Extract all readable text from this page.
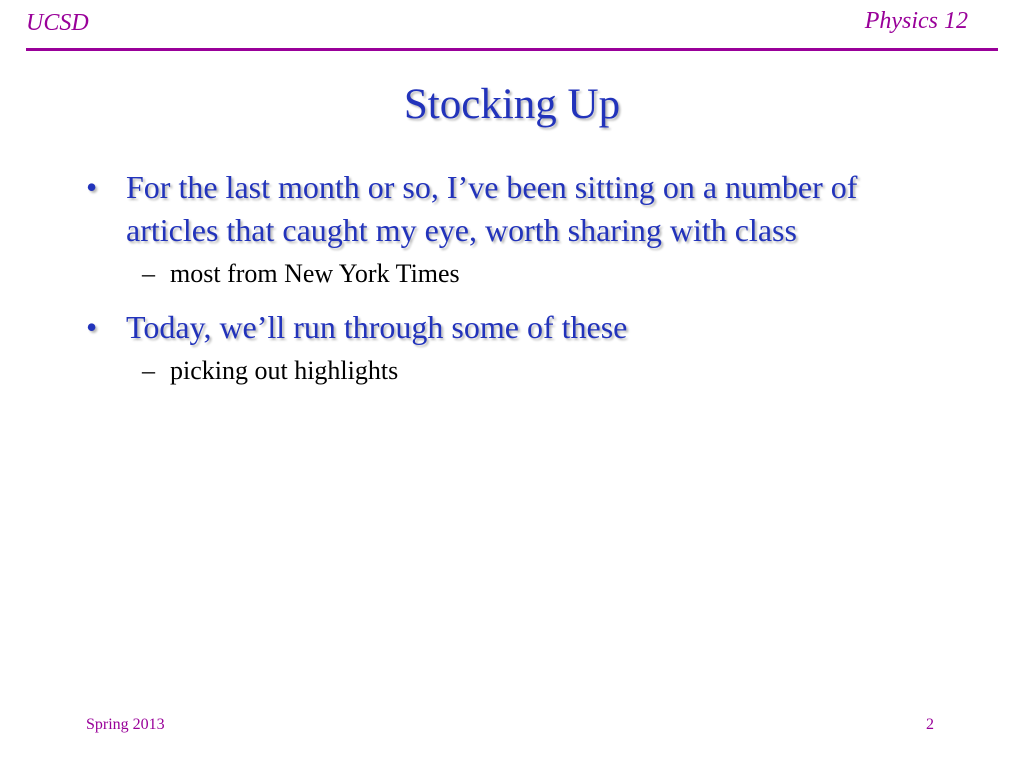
UCSD	Physics 12
Stocking Up
• For the last month or so, I’ve been sitting on a number of articles that caught my eye, worth sharing with class
– most from New York Times
• Today, we’ll run through some of these
– picking out highlights
Spring 2013	2
